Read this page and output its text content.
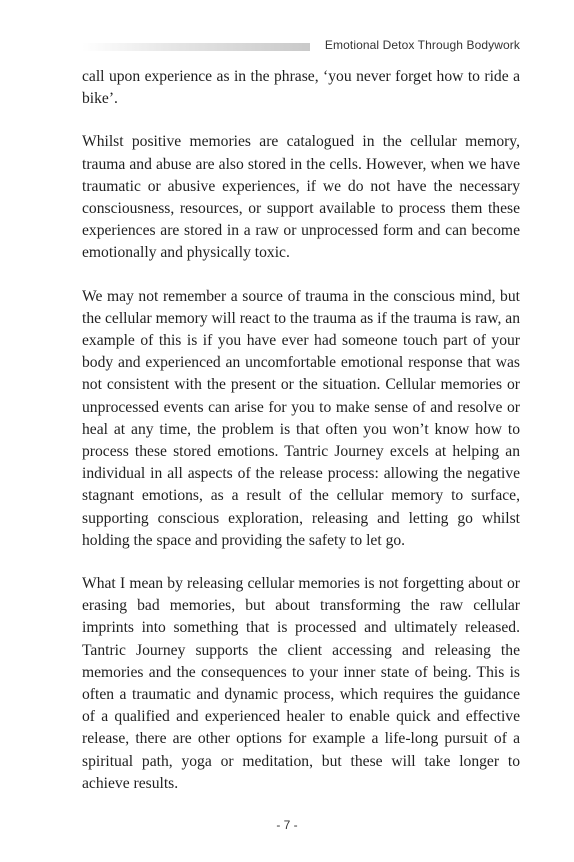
Emotional Detox Through Bodywork

call upon experience as in the phrase, ‘you never forget how to ride a bike’.

Whilst positive memories are catalogued in the cellular memory, trauma and abuse are also stored in the cells. However, when we have traumatic or abusive experiences, if we do not have the necessary consciousness, resources, or support available to process them these experiences are stored in a raw or unprocessed form and can become emotionally and physically toxic.

We may not remember a source of trauma in the conscious mind, but the cellular memory will react to the trauma as if the trauma is raw, an example of this is if you have ever had someone touch part of your body and experienced an uncomfortable emotional response that was not consistent with the present or the situation. Cellular memories or unprocessed events can arise for you to make sense of and resolve or heal at any time, the problem is that often you won’t know how to process these stored emotions. Tantric Journey excels at helping an individual in all aspects of the release process: allowing the negative stagnant emotions, as a result of the cellular memory to surface, supporting conscious exploration, releasing and letting go whilst holding the space and providing the safety to let go.

What I mean by releasing cellular memories is not forgetting about or erasing bad memories, but about transforming the raw cellular imprints into something that is processed and ultimately released. Tantric Journey supports the client accessing and releasing the memories and the consequences to your inner state of being. This is often a traumatic and dynamic process, which requires the guidance of a qualified and experienced healer to enable quick and effective release, there are other options for example a life-long pursuit of a spiritual path, yoga or meditation, but these will take longer to achieve results.

- 7 -
